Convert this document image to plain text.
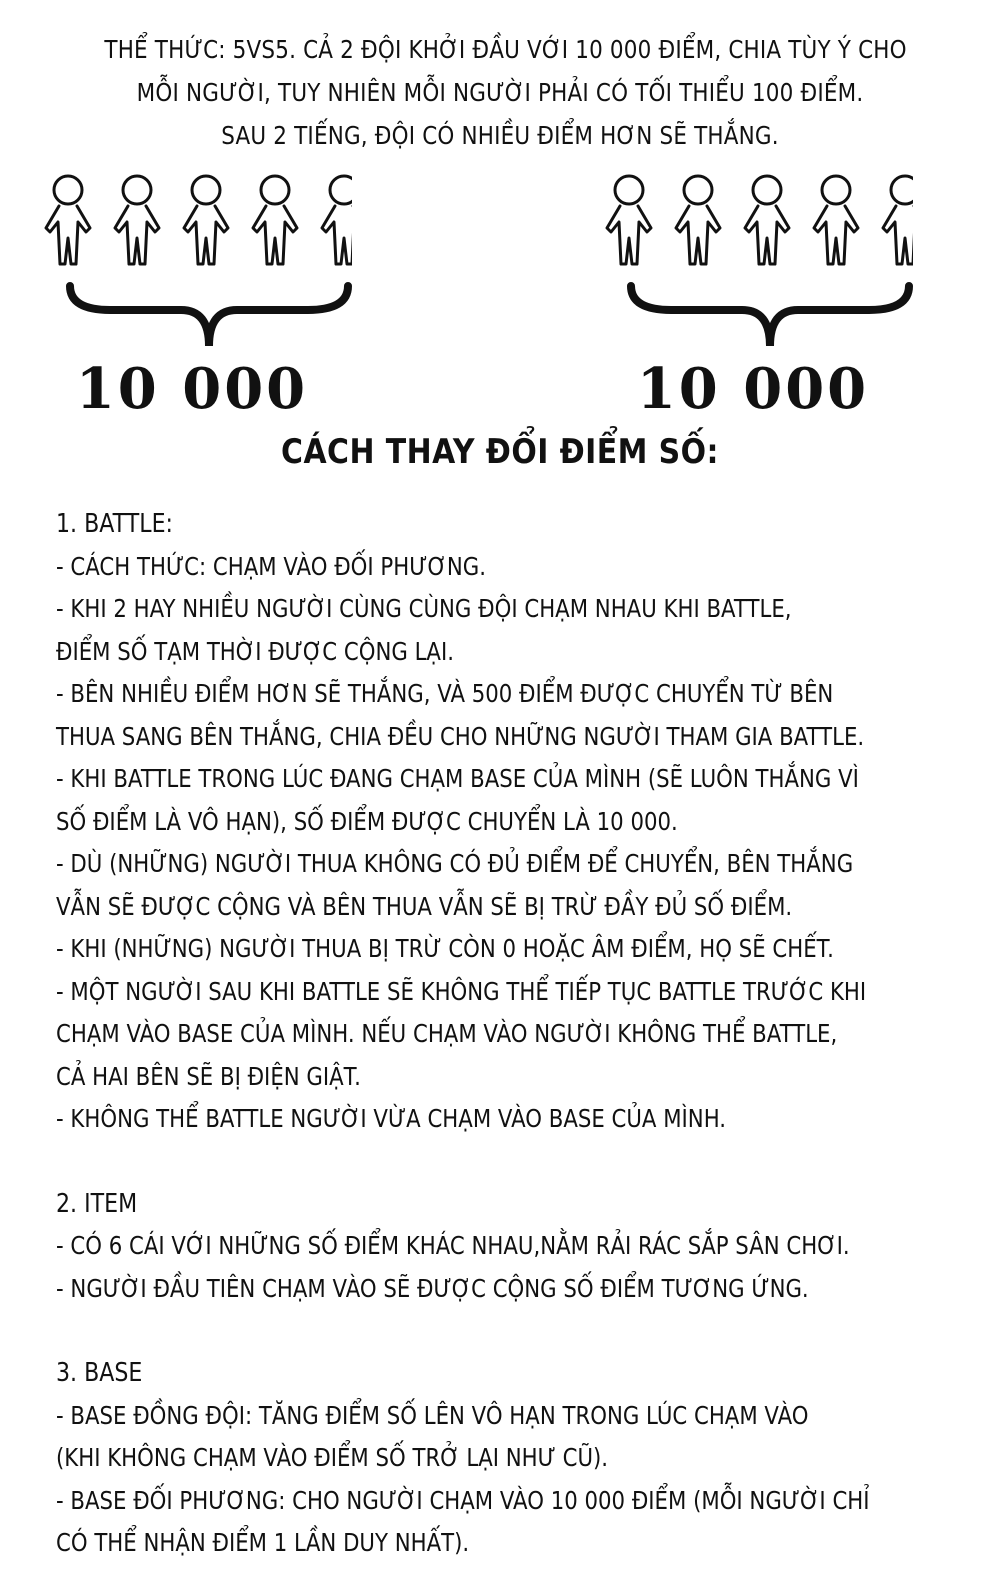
THỂ THỨC: 5VS5. CẢ 2 ĐỘI KHỞI ĐẦU VỚI 10 000 ĐIỂM, CHIA TÙY Ý CHO
MỖI NGƯỜI, TUY NHIÊN MỖI NGƯỜI PHẢI CÓ TỐI THIỂU 100 ĐIỂM.
SAU 2 TIẾNG, ĐỘI CÓ NHIỀU ĐIỂM HƠN SẼ THẮNG.
10 000	10 000
CÁCH THAY ĐỔI ĐIỂM SỐ:
1. BATTLE:
- CÁCH THỨC: CHẠM VÀO ĐỐI PHƯƠNG.
- KHI 2 HAY NHIỀU NGƯỜI CÙNG CÙNG ĐỘI CHẠM NHAU KHI BATTLE,
ĐIỂM SỐ TẠM THỜI ĐƯỢC CỘNG LẠI.
- BÊN NHIỀU ĐIỂM HƠN SẼ THẮNG, VÀ 500 ĐIỂM ĐƯỢC CHUYỂN TỪ BÊN
THUA SANG BÊN THẮNG, CHIA ĐỀU CHO NHỮNG NGƯỜI THAM GIA BATTLE.
- KHI BATTLE TRONG LÚC ĐANG CHẠM BASE CỦA MÌNH (SẼ LUÔN THẮNG VÌ
SỐ ĐIỂM LÀ VÔ HẠN), SỐ ĐIỂM ĐƯỢC CHUYỂN LÀ 10 000.
- DÙ (NHỮNG) NGƯỜI THUA KHÔNG CÓ ĐỦ ĐIỂM ĐỂ CHUYỂN, BÊN THẮNG
VẪN SẼ ĐƯỢC CỘNG VÀ BÊN THUA VẪN SẼ BỊ TRỪ ĐẦY ĐỦ SỐ ĐIỂM.
- KHI (NHỮNG) NGƯỜI THUA BỊ TRỪ CÒN 0 HOẶC ÂM ĐIỂM, HỌ SẼ CHẾT.
- MỘT NGƯỜI SAU KHI BATTLE SẼ KHÔNG THỂ TIẾP TỤC BATTLE TRƯỚC KHI
CHẠM VÀO BASE CỦA MÌNH. NẾU CHẠM VÀO NGƯỜI KHÔNG THỂ BATTLE,
CẢ HAI BÊN SẼ BỊ ĐIỆN GIẬT.
- KHÔNG THỂ BATTLE NGƯỜI VỪA CHẠM VÀO BASE CỦA MÌNH.
2. ITEM
- CÓ 6 CÁI VỚI NHỮNG SỐ ĐIỂM KHÁC NHAU,NẰM RẢI RÁC SẮP SÂN CHƠI.
- NGƯỜI ĐẦU TIÊN CHẠM VÀO SẼ ĐƯỢC CỘNG SỐ ĐIỂM TƯƠNG ỨNG.
3. BASE
- BASE ĐỒNG ĐỘI: TĂNG ĐIỂM SỐ LÊN VÔ HẠN TRONG LÚC CHẠM VÀO
(KHI KHÔNG CHẠM VÀO ĐIỂM SỐ TRỞ LẠI NHƯ CŨ).
- BASE ĐỐI PHƯƠNG: CHO NGƯỜI CHẠM VÀO 10 000 ĐIỂM (MỖI NGƯỜI CHỈ
CÓ THỂ NHẬN ĐIỂM 1 LẦN DUY NHẤT).
